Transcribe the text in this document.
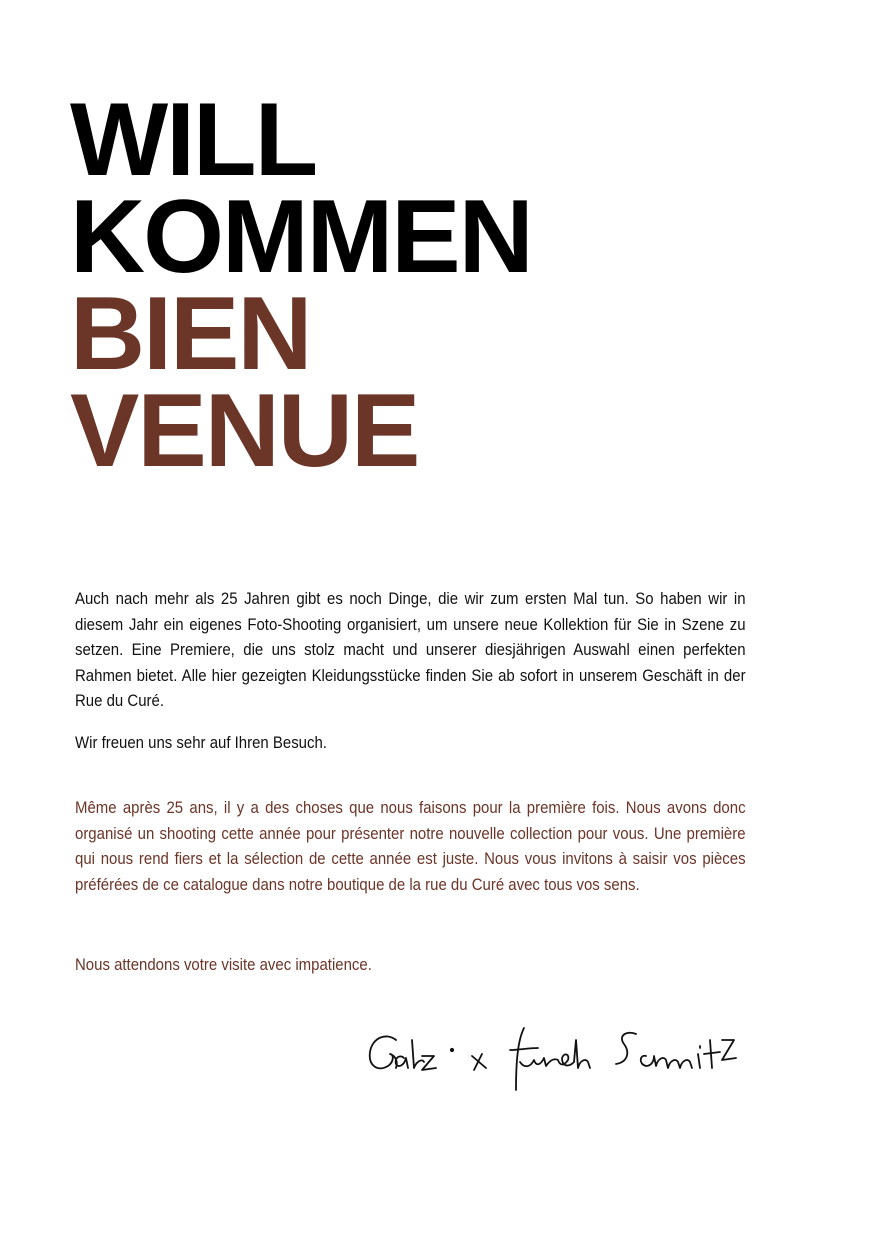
WILL
KOMMEN
BIEN
VENUE

Auch nach mehr als 25 Jahren gibt es noch Dinge, die wir zum ersten Mal tun. So haben wir in diesem Jahr ein eigenes Foto-Shooting organisiert, um unsere neue Kollektion für Sie in Szene zu setzen. Eine Premiere, die uns stolz macht und unserer diesjährigen Auswahl einen perfekten Rahmen bietet. Alle hier gezeigten Kleidungsstücke finden Sie ab sofort in unserem Geschäft in der Rue du Curé.

Wir freuen uns sehr auf Ihren Besuch.

Même après 25 ans, il y a des choses que nous faisons pour la première fois. Nous avons donc organisé un shooting cette année pour présenter notre nouvelle collection pour vous. Une première qui nous rend fiers et la sélection de cette année est juste. Nous vous invitons à saisir vos pièces préférées de ce catalogue dans notre boutique de la rue du Curé avec tous vos sens.

Nous attendons votre visite avec impatience.
